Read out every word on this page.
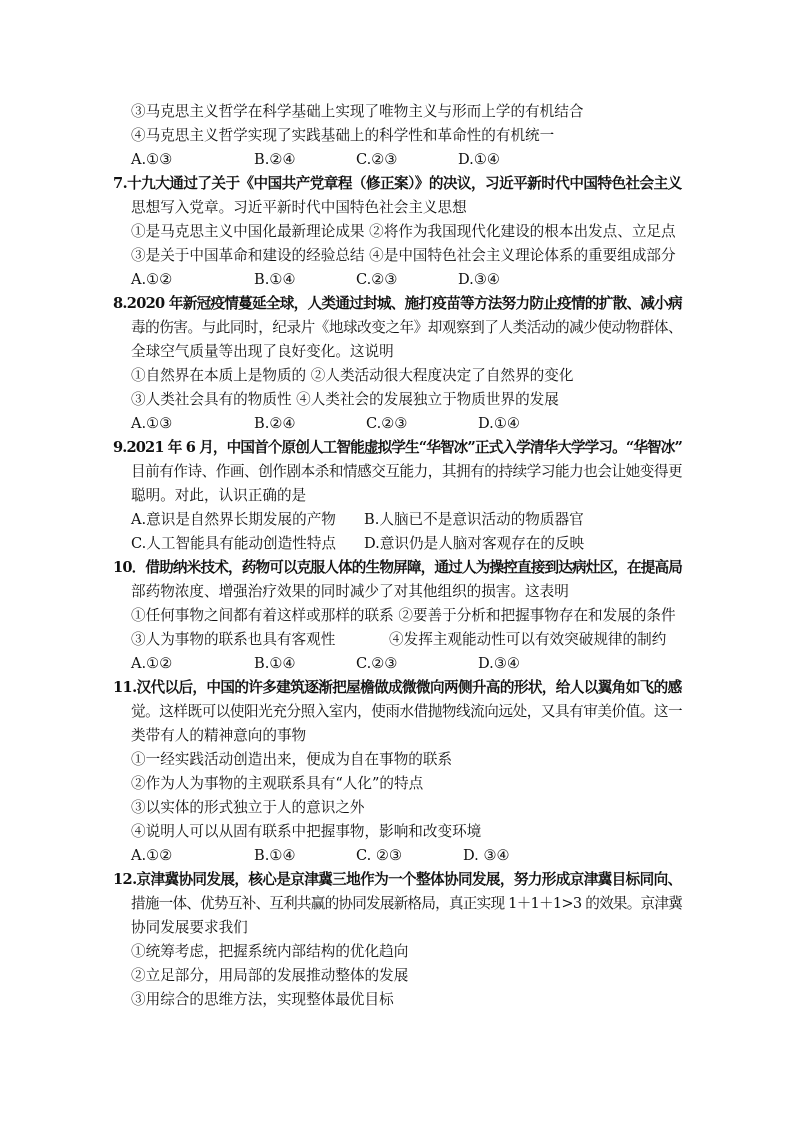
③马克思主义哲学在科学基础上实现了唯物主义与形而上学的有机结合
④马克思主义哲学实现了实践基础上的科学性和革命性的有机统一
A.①③	B.②④	C.②③	D.①④
7.十九大通过了关于《中国共产党章程（修正案）》的决议，习近平新时代中国特色社会主义
思想写入党章。习近平新时代中国特色社会主义思想
①是马克思主义中国化最新理论成果 ②将作为我国现代化建设的根本出发点、立足点
③是关于中国革命和建设的经验总结 ④是中国特色社会主义理论体系的重要组成部分
A.①②	B.①④	C.②③	D.③④
8.2020 年新冠疫情蔓延全球，人类通过封城、施打疫苗等方法努力防止疫情的扩散、减小病
毒的伤害。与此同时，纪录片《地球改变之年》却观察到了人类活动的减少使动物群体、
全球空气质量等出现了良好变化。这说明
①自然界在本质上是物质的 ②人类活动很大程度决定了自然界的变化
③人类社会具有的物质性 ④人类社会的发展独立于物质世界的发展
A.①③	B.②④	C.②③	D.①④
9.2021 年 6 月，中国首个原创人工智能虚拟学生“华智冰”正式入学清华大学学习。“华智冰”
目前有作诗、作画、创作剧本杀和情感交互能力，其拥有的持续学习能力也会让她变得更
聪明。对此，认识正确的是
A.意识是自然界长期发展的产物 B.人脑已不是意识活动的物质器官
C.人工智能具有能动创造性特点 D.意识仍是人脑对客观存在的反映
10．借助纳米技术，药物可以克服人体的生物屏障，通过人为操控直接到达病灶区，在提高局
部药物浓度、增强治疗效果的同时减少了对其他组织的损害。这表明
①任何事物之间都有着这样或那样的联系 ②要善于分析和把握事物存在和发展的条件
③人为事物的联系也具有客观性	④发挥主观能动性可以有效突破规律的制约
A.①②	B.①④	C.②③	D.③④
11.汉代以后，中国的许多建筑逐渐把屋檐做成微微向两侧升高的形状，给人以翼角如飞的感
觉。这样既可以使阳光充分照入室内，使雨水借抛物线流向远处，又具有审美价值。这一
类带有人的精神意向的事物
①一经实践活动创造出来，便成为自在事物的联系
②作为人为事物的主观联系具有“人化”的特点
③以实体的形式独立于人的意识之外
④说明人可以从固有联系中把握事物，影响和改变环境
A.①②	B.①④	C. ②③	D. ③④
12.京津冀协同发展，核心是京津冀三地作为一个整体协同发展，努力形成京津冀目标同向、
措施一体、优势互补、互利共赢的协同发展新格局，真正实现 1＋1＋1>3 的效果。京津冀
协同发展要求我们
①统筹考虑，把握系统内部结构的优化趋向
②立足部分，用局部的发展推动整体的发展
③用综合的思维方法，实现整体最优目标
